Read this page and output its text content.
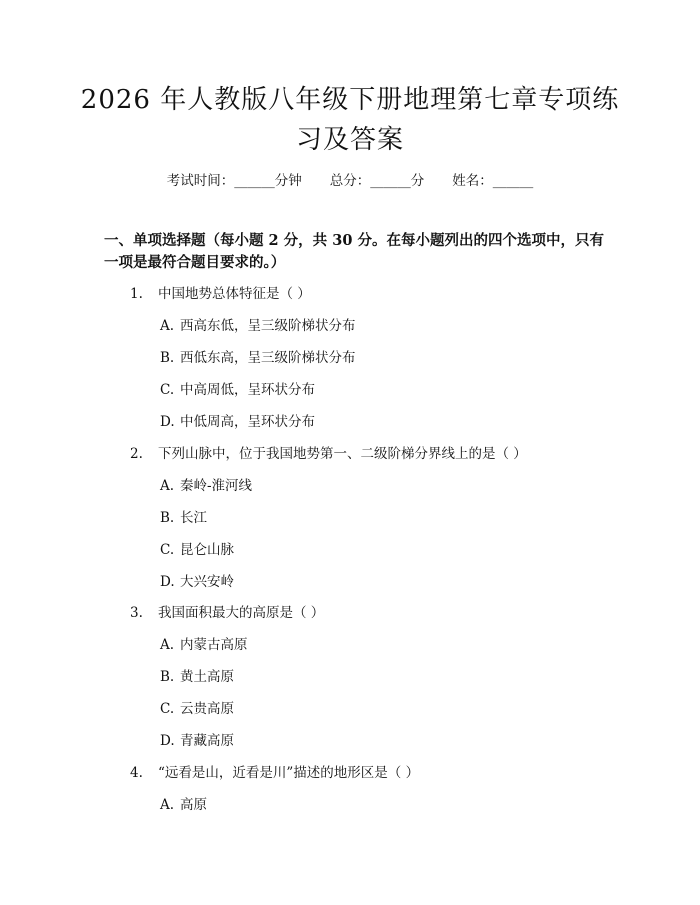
2026 年人教版八年级下册地理第七章专项练
习及答案
考试时间：______分钟 总分：______分 姓名：______
一、单项选择题（每小题 2 分，共 30 分。在每小题列出的四个选项中，只有一项是最符合题目要求的。）
1. 中国地势总体特征是（ ）
A. 西高东低，呈三级阶梯状分布
B. 西低东高，呈三级阶梯状分布
C. 中高周低，呈环状分布
D. 中低周高，呈环状分布
2. 下列山脉中，位于我国地势第一、二级阶梯分界线上的是（ ）
A. 秦岭-淮河线
B. 长江
C. 昆仑山脉
D. 大兴安岭
3. 我国面积最大的高原是（ ）
A. 内蒙古高原
B. 黄土高原
C. 云贵高原
D. 青藏高原
4. “远看是山，近看是川”描述的地形区是（ ）
A. 高原
